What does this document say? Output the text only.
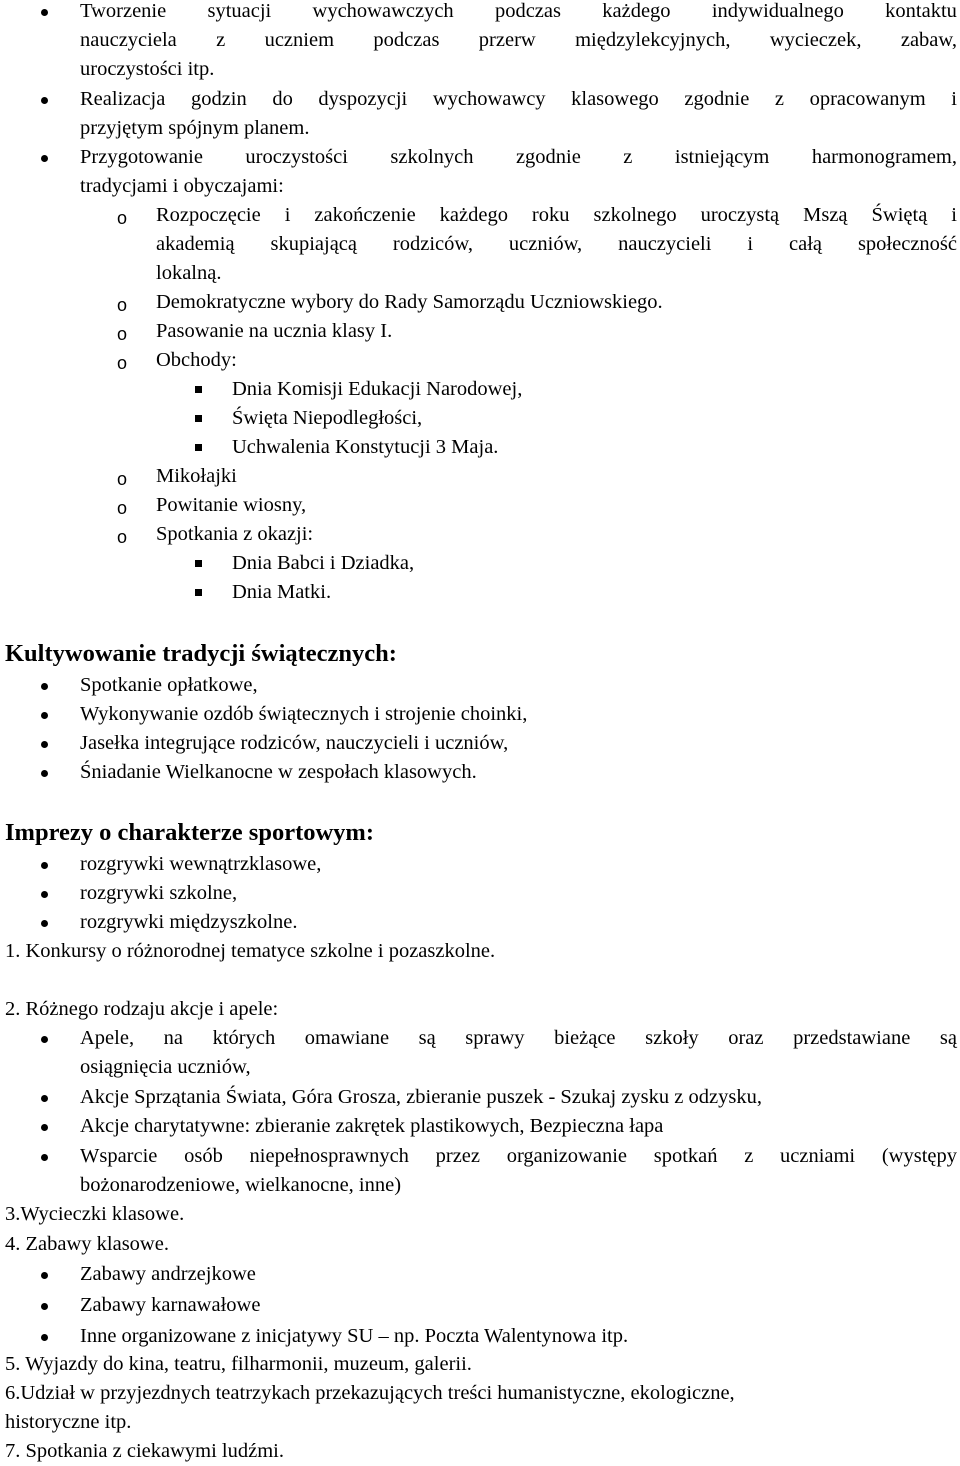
Tworzenie sytuacji wychowawczych podczas każdego indywidualnego kontaktu
nauczyciela z uczniem podczas przerw międzylekcyjnych, wycieczek, zabaw,
uroczystości itp.
Realizacja godzin do dyspozycji wychowawcy klasowego zgodnie z opracowanym i
przyjętym spójnym planem.
Przygotowanie uroczystości szkolnych zgodnie z istniejącym harmonogramem,
tradycjami i obyczajami:
o Rozpoczęcie i zakończenie każdego roku szkolnego uroczystą Mszą Świętą i
akademią skupiającą rodziców, uczniów, nauczycieli i całą społeczność
lokalną.
o Demokratyczne wybory do Rady Samorządu Uczniowskiego.
o Pasowanie na ucznia klasy I.
o Obchody:
Dnia Komisji Edukacji Narodowej,
Święta Niepodległości,
Uchwalenia Konstytucji 3 Maja.
o Mikołajki
o Powitanie wiosny,
o Spotkania z okazji:
Dnia Babci i Dziadka,
Dnia Matki.
Kultywowanie tradycji świątecznych:
Spotkanie opłatkowe,
Wykonywanie ozdób świątecznych i strojenie choinki,
Jasełka integrujące rodziców, nauczycieli i uczniów,
Śniadanie Wielkanocne w zespołach klasowych.
Imprezy o charakterze sportowym:
rozgrywki wewnątrzklasowe,
rozgrywki szkolne,
rozgrywki międzyszkolne.
1. Konkursy o różnorodnej tematyce szkolne i pozaszkolne.
2. Różnego rodzaju akcje i apele:
Apele, na których omawiane są sprawy bieżące szkoły oraz przedstawiane są
osiągnięcia uczniów,
Akcje Sprzątania Świata, Góra Grosza, zbieranie puszek - Szukaj zysku z odzysku,
Akcje charytatywne: zbieranie zakrętek plastikowych, Bezpieczna łapa
Wsparcie osób niepełnosprawnych przez organizowanie spotkań z uczniami (występy
bożonarodzeniowe, wielkanocne, inne)
3.Wycieczki klasowe.
4. Zabawy klasowe.
Zabawy andrzejkowe
Zabawy karnawałowe
Inne organizowane z inicjatywy SU – np. Poczta Walentynowa itp.
5. Wyjazdy do kina, teatru, filharmonii, muzeum, galerii.
6.Udział w przyjezdnych teatrzykach przekazujących treści humanistyczne, ekologiczne,
historyczne itp.
7. Spotkania z ciekawymi ludźmi.
